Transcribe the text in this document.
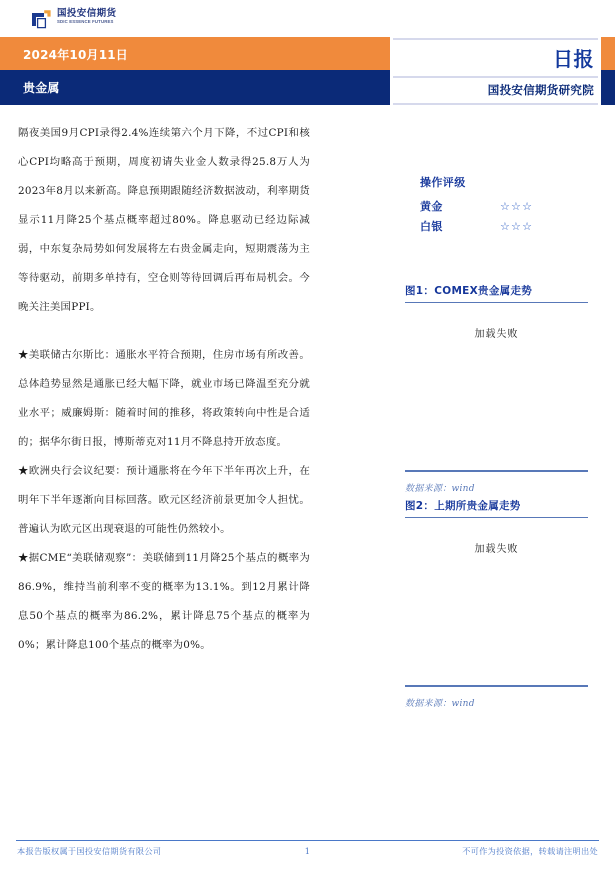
国投安信期货
SDIC ESSENCE FUTURES
2024年10月11日
贵金属
日报
国投安信期货研究院

隔夜美国9月CPI录得2.4%连续第六个月下降，不过CPI和核心CPI均略高于预期，周度初请失业金人数录得25.8万人为2023年8月以来新高。降息预期跟随经济数据波动，利率期货显示11月降25个基点概率超过80%。降息驱动已经边际减弱，中东复杂局势如何发展将左右贵金属走向，短期震荡为主等待驱动，前期多单持有，空仓则等待回调后再布局机会。今晚关注美国PPI。

★美联储古尔斯比：通胀水平符合预期，住房市场有所改善。总体趋势显然是通胀已经大幅下降，就业市场已降温至充分就业水平；威廉姆斯：随着时间的推移，将政策转向中性是合适的；据华尔街日报，博斯蒂克对11月不降息持开放态度。

★欧洲央行会议纪要：预计通胀将在今年下半年再次上升，在明年下半年逐渐向目标回落。欧元区经济前景更加令人担忧。普遍认为欧元区出现衰退的可能性仍然较小。

★据CME“美联储观察”：美联储到11月降25个基点的概率为86.9%，维持当前利率不变的概率为13.1%。到12月累计降息50个基点的概率为86.2%，累计降息75个基点的概率为0%；累计降息100个基点的概率为0%。

操作评级
黄金	☆☆☆
白银	☆☆☆
图1：COMEX贵金属走势
加载失败
数据来源：wind
图2：上期所贵金属走势
加载失败
数据来源：wind
本报告版权属于国投安信期货有限公司	1	不可作为投资依据，转载请注明出处
